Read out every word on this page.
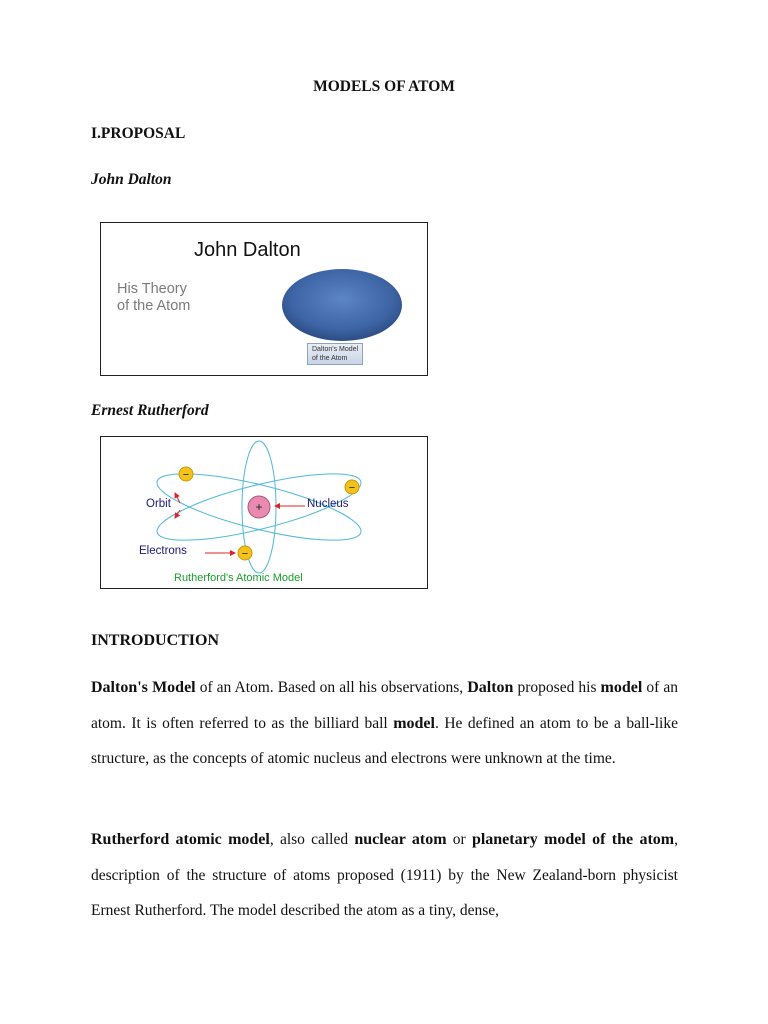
MODELS OF ATOM
I.PROPOSAL
John Dalton
John Dalton
His Theory
of the Atom
Dalton's Model
of the Atom
Ernest Rutherford
+
−
−
−
Orbit	Nucleus
Electrons
Rutherford's Atomic Model
INTRODUCTION
Dalton's Model of an Atom. Based on all his observations, Dalton proposed his model of an atom. It is often referred to as the billiard ball model. He defined an atom to be a ball-like structure, as the concepts of atomic nucleus and electrons were unknown at the time.
Rutherford atomic model, also called nuclear atom or planetary model of the atom, description of the structure of atoms proposed (1911) by the New Zealand-born physicist Ernest Rutherford. The model described the atom as a tiny, dense,
